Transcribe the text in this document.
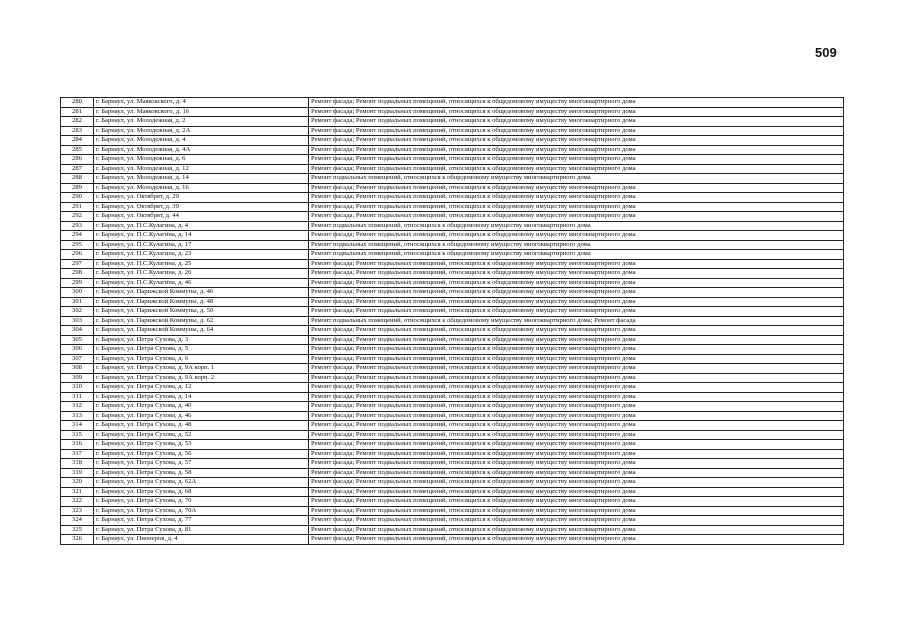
509
280	г. Барнаул, ул. Маяковского, д. 4	Ремонт фасада; Ремонт подвальных помещений, относящихся к общедомовому имуществу многоквартирного дома
281	г. Барнаул, ул. Маяковского, д. 16	Ремонт фасада; Ремонт подвальных помещений, относящихся к общедомовому имуществу многоквартирного дома
282	г. Барнаул, ул. Молодежная, д. 2	Ремонт фасада; Ремонт подвальных помещений, относящихся к общедомовому имуществу многоквартирного дома
283	г. Барнаул, ул. Молодежная, д. 2А	Ремонт фасада; Ремонт подвальных помещений, относящихся к общедомовому имуществу многоквартирного дома
284	г. Барнаул, ул. Молодежная, д. 4	Ремонт фасада; Ремонт подвальных помещений, относящихся к общедомовому имуществу многоквартирного дома
285	г. Барнаул, ул. Молодежная, д. 4А	Ремонт фасада; Ремонт подвальных помещений, относящихся к общедомовому имуществу многоквартирного дома
286	г. Барнаул, ул. Молодежная, д. 6	Ремонт фасада; Ремонт подвальных помещений, относящихся к общедомовому имуществу многоквартирного дома
287	г. Барнаул, ул. Молодежная, д. 12	Ремонт фасада; Ремонт подвальных помещений, относящихся к общедомовому имуществу многоквартирного дома
288	г. Барнаул, ул. Молодежная, д. 14	Ремонт подвальных помещений, относящихся к общедомовому имуществу многоквартирного дома
289	г. Барнаул, ул. Молодежная, д. 16	Ремонт фасада; Ремонт подвальных помещений, относящихся к общедомовому имуществу многоквартирного дома
290	г. Барнаул, ул. Октябрят, д. 29	Ремонт фасада; Ремонт подвальных помещений, относящихся к общедомовому имуществу многоквартирного дома
291	г. Барнаул, ул. Октябрят, д. 39	Ремонт фасада; Ремонт подвальных помещений, относящихся к общедомовому имуществу многоквартирного дома
292	г. Барнаул, ул. Октябрят, д. 44	Ремонт фасада; Ремонт подвальных помещений, относящихся к общедомовому имуществу многоквартирного дома
293	г. Барнаул, ул. П.С.Кулагина, д. 4	Ремонт подвальных помещений, относящихся к общедомовому имуществу многоквартирного дома
294	г. Барнаул, ул. П.С.Кулагина, д. 14	Ремонт фасада; Ремонт подвальных помещений, относящихся к общедомовому имуществу многоквартирного дома
295	г. Барнаул, ул. П.С.Кулагина, д. 17	Ремонт подвальных помещений, относящихся к общедомовому имуществу многоквартирного дома
296	г. Барнаул, ул. П.С.Кулагина, д. 23	Ремонт подвальных помещений, относящихся к общедомовому имуществу многоквартирного дома
297	г. Барнаул, ул. П.С.Кулагина, д. 25	Ремонт фасада; Ремонт подвальных помещений, относящихся к общедомовому имуществу многоквартирного дома
298	г. Барнаул, ул. П.С.Кулагина, д. 26	Ремонт фасада; Ремонт подвальных помещений, относящихся к общедомовому имуществу многоквартирного дома
299	г. Барнаул, ул. П.С.Кулагина, д. 46	Ремонт фасада; Ремонт подвальных помещений, относящихся к общедомовому имуществу многоквартирного дома
300	г. Барнаул, ул. Парижской Коммуны, д. 46	Ремонт фасада; Ремонт подвальных помещений, относящихся к общедомовому имуществу многоквартирного дома
301	г. Барнаул, ул. Парижской Коммуны, д. 48	Ремонт фасада; Ремонт подвальных помещений, относящихся к общедомовому имуществу многоквартирного дома
302	г. Барнаул, ул. Парижской Коммуны, д. 50	Ремонт фасада; Ремонт подвальных помещений, относящихся к общедомовому имуществу многоквартирного дома
303	г. Барнаул, ул. Парижской Коммуны, д. 62	Ремонт подвальных помещений, относящихся к общедомовому имуществу многоквартирного дома; Ремонт фасада
304	г. Барнаул, ул. Парижской Коммуны, д. 64	Ремонт фасада; Ремонт подвальных помещений, относящихся к общедомовому имуществу многоквартирного дома
305	г. Барнаул, ул. Петра Сухова, д. 3	Ремонт фасада; Ремонт подвальных помещений, относящихся к общедомовому имуществу многоквартирного дома
306	г. Барнаул, ул. Петра Сухова, д. 5	Ремонт фасада; Ремонт подвальных помещений, относящихся к общедомовому имуществу многоквартирного дома
307	г. Барнаул, ул. Петра Сухова, д. 6	Ремонт фасада; Ремонт подвальных помещений, относящихся к общедомовому имуществу многоквартирного дома
308	г. Барнаул, ул. Петра Сухова, д. 9А корп. 1	Ремонт фасада; Ремонт подвальных помещений, относящихся к общедомовому имуществу многоквартирного дома
309	г. Барнаул, ул. Петра Сухова, д. 9А корп. 2	Ремонт фасада; Ремонт подвальных помещений, относящихся к общедомовому имуществу многоквартирного дома
310	г. Барнаул, ул. Петра Сухова, д. 12	Ремонт фасада; Ремонт подвальных помещений, относящихся к общедомовому имуществу многоквартирного дома
311	г. Барнаул, ул. Петра Сухова, д. 14	Ремонт фасада; Ремонт подвальных помещений, относящихся к общедомовому имуществу многоквартирного дома
312	г. Барнаул, ул. Петра Сухова, д. 40	Ремонт фасада; Ремонт подвальных помещений, относящихся к общедомовому имуществу многоквартирного дома
313	г. Барнаул, ул. Петра Сухова, д. 46	Ремонт фасада; Ремонт подвальных помещений, относящихся к общедомовому имуществу многоквартирного дома
314	г. Барнаул, ул. Петра Сухова, д. 48	Ремонт фасада; Ремонт подвальных помещений, относящихся к общедомовому имуществу многоквартирного дома
315	г. Барнаул, ул. Петра Сухова, д. 52	Ремонт фасада; Ремонт подвальных помещений, относящихся к общедомовому имуществу многоквартирного дома
316	г. Барнаул, ул. Петра Сухова, д. 53	Ремонт фасада; Ремонт подвальных помещений, относящихся к общедомовому имуществу многоквартирного дома
317	г. Барнаул, ул. Петра Сухова, д. 56	Ремонт фасада; Ремонт подвальных помещений, относящихся к общедомовому имуществу многоквартирного дома
318	г. Барнаул, ул. Петра Сухова, д. 57	Ремонт фасада; Ремонт подвальных помещений, относящихся к общедомовому имуществу многоквартирного дома
319	г. Барнаул, ул. Петра Сухова, д. 58	Ремонт фасада; Ремонт подвальных помещений, относящихся к общедомовому имуществу многоквартирного дома
320	г. Барнаул, ул. Петра Сухова, д. 62А	Ремонт фасада; Ремонт подвальных помещений, относящихся к общедомовому имуществу многоквартирного дома
321	г. Барнаул, ул. Петра Сухова, д. 68	Ремонт фасада; Ремонт подвальных помещений, относящихся к общедомовому имуществу многоквартирного дома
322	г. Барнаул, ул. Петра Сухова, д. 70	Ремонт фасада; Ремонт подвальных помещений, относящихся к общедомовому имуществу многоквартирного дома
323	г. Барнаул, ул. Петра Сухова, д. 70А	Ремонт фасада; Ремонт подвальных помещений, относящихся к общедомовому имуществу многоквартирного дома
324	г. Барнаул, ул. Петра Сухова, д. 77	Ремонт фасада; Ремонт подвальных помещений, относящихся к общедомовому имуществу многоквартирного дома
325	г. Барнаул, ул. Петра Сухова, д. 81	Ремонт фасада; Ремонт подвальных помещений, относящихся к общедомовому имуществу многоквартирного дома
326	г. Барнаул, ул. Пионеров, д. 4	Ремонт фасада; Ремонт подвальных помещений, относящихся к общедомовому имуществу многоквартирного дома
